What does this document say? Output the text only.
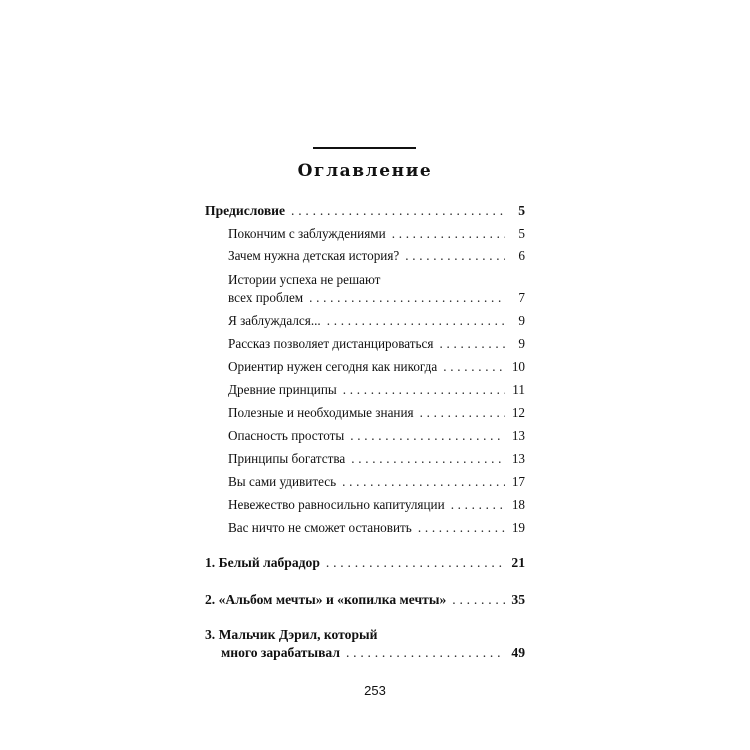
Оглавление
Предисловие . . .	5
Покончим с заблуждениями . . .	5
Зачем нужна детская история? . . .	6
Истории успеха не решают
всех проблем . . .	7
Я заблуждался... . . .	9
Рассказ позволяет дистанцироваться . . .	9
Ориентир нужен сегодня как никогда . . .	10
Древние принципы . . .	11
Полезные и необходимые знания . . .	12
Опасность простоты . . .	13
Принципы богатства . . .	13
Вы сами удивитесь . . .	17
Невежество равносильно капитуляции . . .	18
Вас ничто не сможет остановить . . .	19
1. Белый лабрадор . . .	21
2. «Альбом мечты» и «копилка мечты» . . .	35
3. Мальчик Дэрил, который
много зарабатывал . . .	49
253
